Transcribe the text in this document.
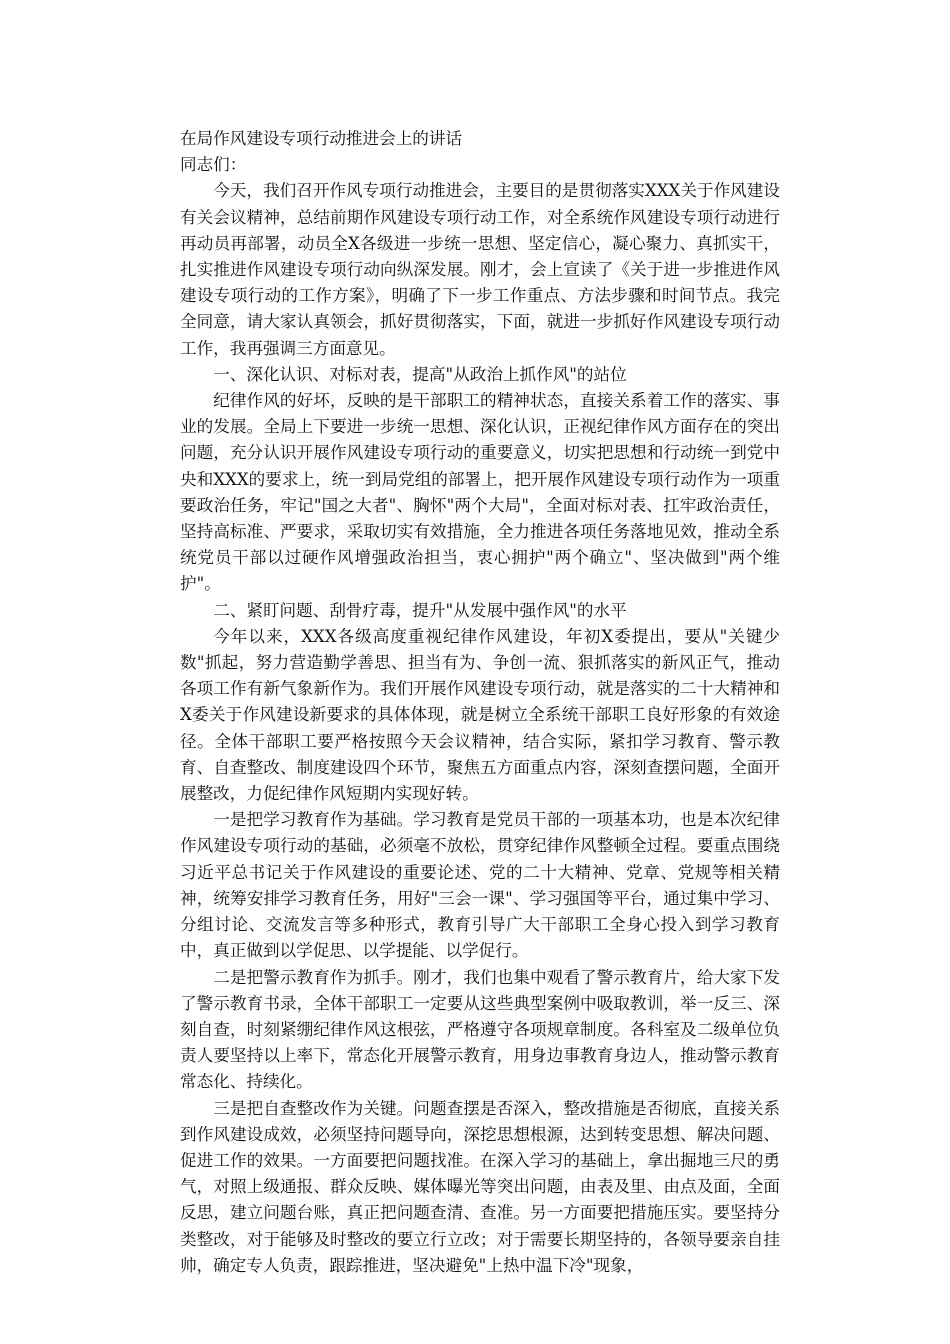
在局作风建设专项行动推进会上的讲话

同志们：

今天，我们召开作风专项行动推进会，主要目的是贯彻落实XXX关于作风建设有关会议精神，总结前期作风建设专项行动工作，对全系统作风建设专项行动进行再动员再部署，动员全X各级进一步统一思想、坚定信心，凝心聚力、真抓实干，扎实推进作风建设专项行动向纵深发展。刚才，会上宣读了《关于进一步推进作风建设专项行动的工作方案》，明确了下一步工作重点、方法步骤和时间节点。我完全同意，请大家认真领会，抓好贯彻落实，下面，就进一步抓好作风建设专项行动工作，我再强调三方面意见。

一、深化认识、对标对表，提高"从政治上抓作风"的站位

纪律作风的好坏，反映的是干部职工的精神状态，直接关系着工作的落实、事业的发展。全局上下要进一步统一思想、深化认识，正视纪律作风方面存在的突出问题，充分认识开展作风建设专项行动的重要意义，切实把思想和行动统一到党中央和XXX的要求上，统一到局党组的部署上，把开展作风建设专项行动作为一项重要政治任务，牢记"国之大者"、胸怀"两个大局"，全面对标对表、扛牢政治责任，坚持高标准、严要求，采取切实有效措施，全力推进各项任务落地见效，推动全系统党员干部以过硬作风增强政治担当，衷心拥护"两个确立"、坚决做到"两个维护"。

二、紧盯问题、刮骨疗毒，提升"从发展中强作风"的水平

今年以来，XXX各级高度重视纪律作风建设，年初X委提出，要从"关键少数"抓起，努力营造勤学善思、担当有为、争创一流、狠抓落实的新风正气，推动各项工作有新气象新作为。我们开展作风建设专项行动，就是落实的二十大精神和X委关于作风建设新要求的具体体现，就是树立全系统干部职工良好形象的有效途径。全体干部职工要严格按照今天会议精神，结合实际，紧扣学习教育、警示教育、自查整改、制度建设四个环节，聚焦五方面重点内容，深刻查摆问题，全面开展整改，力促纪律作风短期内实现好转。

一是把学习教育作为基础。学习教育是党员干部的一项基本功，也是本次纪律作风建设专项行动的基础，必须毫不放松，贯穿纪律作风整顿全过程。要重点围绕习近平总书记关于作风建设的重要论述、党的二十大精神、党章、党规等相关精神，统筹安排学习教育任务，用好"三会一课"、学习强国等平台，通过集中学习、分组讨论、交流发言等多种形式，教育引导广大干部职工全身心投入到学习教育中，真正做到以学促思、以学提能、以学促行。

二是把警示教育作为抓手。刚才，我们也集中观看了警示教育片，给大家下发了警示教育书录，全体干部职工一定要从这些典型案例中吸取教训，举一反三、深刻自查，时刻紧绷纪律作风这根弦，严格遵守各项规章制度。各科室及二级单位负责人要坚持以上率下，常态化开展警示教育，用身边事教育身边人，推动警示教育常态化、持续化。

三是把自查整改作为关键。问题查摆是否深入，整改措施是否彻底，直接关系到作风建设成效，必须坚持问题导向，深挖思想根源，达到转变思想、解决问题、促进工作的效果。一方面要把问题找准。在深入学习的基础上，拿出掘地三尺的勇气，对照上级通报、群众反映、媒体曝光等突出问题，由表及里、由点及面，全面反思，建立问题台账，真正把问题查清、查准。另一方面要把措施压实。要坚持分类整改，对于能够及时整改的要立行立改；对于需要长期坚持的，各领导要亲自挂帅，确定专人负责，跟踪推进，坚决避免"上热中温下冷"现象，
